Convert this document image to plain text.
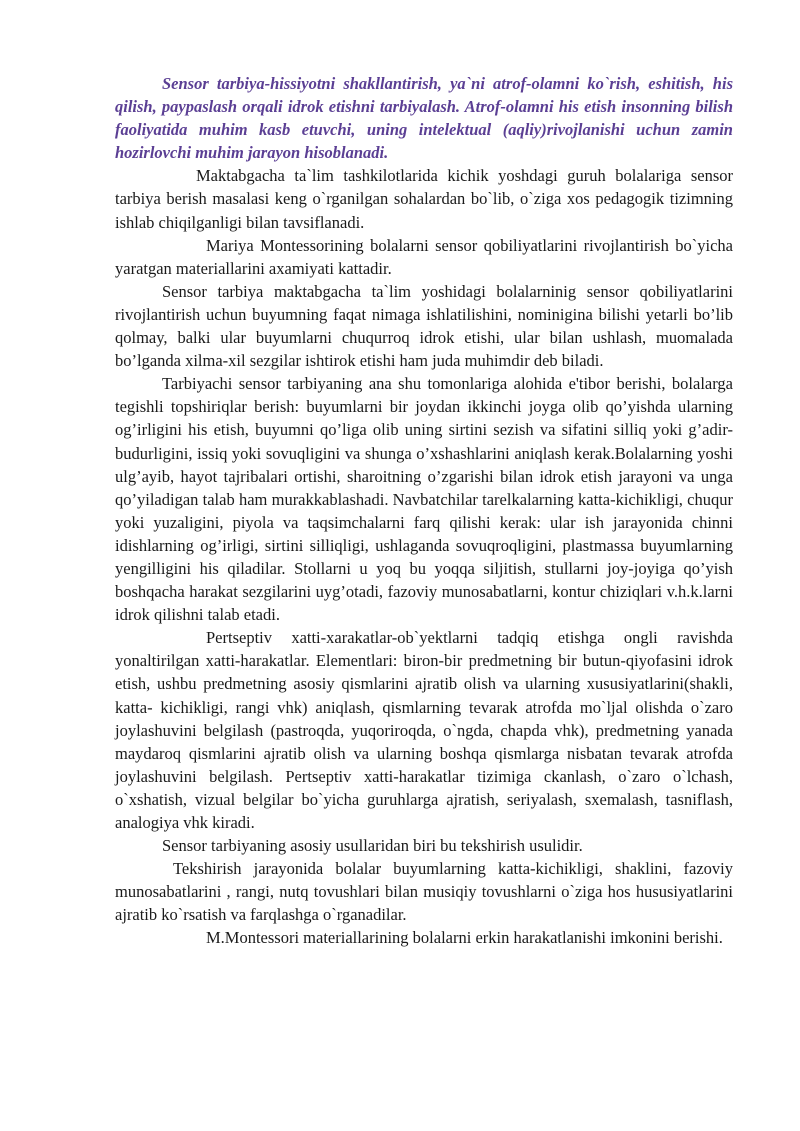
Sensor tarbiya-hissiyotni shakllantirish, ya`ni atrof-olamni ko`rish, eshitish, his qilish, paypaslash orqali idrok etishni tarbiyalash. Atrof-olamni his etish insonning bilish faoliyatida muhim kasb etuvchi, uning intelektual (aqliy)rivojlanishi uchun zamin hozirlovchi muhim jarayon hisoblanadi.

Maktabgacha ta`lim tashkilotlarida kichik yoshdagi guruh bolalariga sensor tarbiya berish masalasi keng o`rganilgan sohalardan bo`lib, o`ziga xos pedagogik tizimning ishlab chiqilganligi bilan tavsiflanadi.

Mariya Montessorining bolalarni sensor qobiliyatlarini rivojlantirish bo`yicha yaratgan materiallarini axamiyati kattadir.

Sensor tarbiya maktabgacha ta`lim yoshidagi bolalarninig sensor qobiliyatlarini rivojlantirish uchun buyumning faqat nimaga ishlatilishini, nominigina bilishi yetarli bo’lib qolmay, balki ular buyumlarni chuqurroq idrok etishi, ular bilan ushlash, muomalada bo’lganda xilma-xil sezgilar ishtirok etishi ham juda muhimdir deb biladi.

Tarbiyachi sensor tarbiyaning ana shu tomonlariga alohida e'tibor berishi, bolalarga tegishli topshiriqlar berish: buyumlarni bir joydan ikkinchi joyga olib qo’yishda ularning og’irligini his etish, buyumni qo’liga olib uning sirtini sezish va sifatini silliq yoki g’adir-budurligini, issiq yoki sovuqligini va shunga o’xshashlarini aniqlash kerak.Bolalarning yoshi ulg’ayib, hayot tajribalari ortishi, sharoitning o’zgarishi bilan idrok etish jarayoni va unga qo’yiladigan talab ham murakkablashadi. Navbatchilar tarelkalarning katta-kichikligi, chuqur yoki yuzaligini, piyola va taqsimchalarni farq qilishi kerak: ular ish jarayonida chinni idishlarning og’irligi, sirtini silliqligi, ushlaganda sovuqroqligini, plastmassa buyumlarning yengilligini his qiladilar. Stollarni u yoq bu yoqqa siljitish, stullarni joy-joyiga qo’yish boshqacha harakat sezgilarini uyg’otadi, fazoviy munosabatlarni, kontur chiziqlari v.h.k.larni idrok qilishni talab etadi.

Pertseptiv xatti-xarakatlar-ob`yektlarni tadqiq etishga ongli ravishda yonaltirilgan xatti-harakatlar. Elementlari: biron-bir predmetning bir butun-qiyofasini idrok etish, ushbu predmetning asosiy qismlarini ajratib olish va ularning xususiyatlarini(shakli, katta- kichikligi, rangi vhk) aniqlash, qismlarning tevarak atrofda mo`ljal olishda o`zaro joylashuvini belgilash (pastroqda, yuqoriroqda, o`ngda, chapda vhk), predmetning yanada maydaroq qismlarini ajratib olish va ularning boshqa qismlarga nisbatan tevarak atrofda joylashuvini belgilash. Pertseptiv xatti-harakatlar tizimiga ckanlash, o`zaro o`lchash, o`xshatish, vizual belgilar bo`yicha guruhlarga ajratish, seriyalash, sxemalash, tasniflash, analogiya vhk kiradi.

Sensor tarbiyaning asosiy usullaridan biri bu tekshirish usulidir.

Tekshirish jarayonida bolalar buyumlarning katta-kichikligi, shaklini, fazoviy munosabatlarini , rangi, nutq tovushlari bilan musiqiy tovushlarni o`ziga hos hususiyatlarini ajratib ko`rsatish va farqlashga o`rganadilar.

M.Montessori materiallarining bolalarni erkin harakatlanishi imkonini berishi.
